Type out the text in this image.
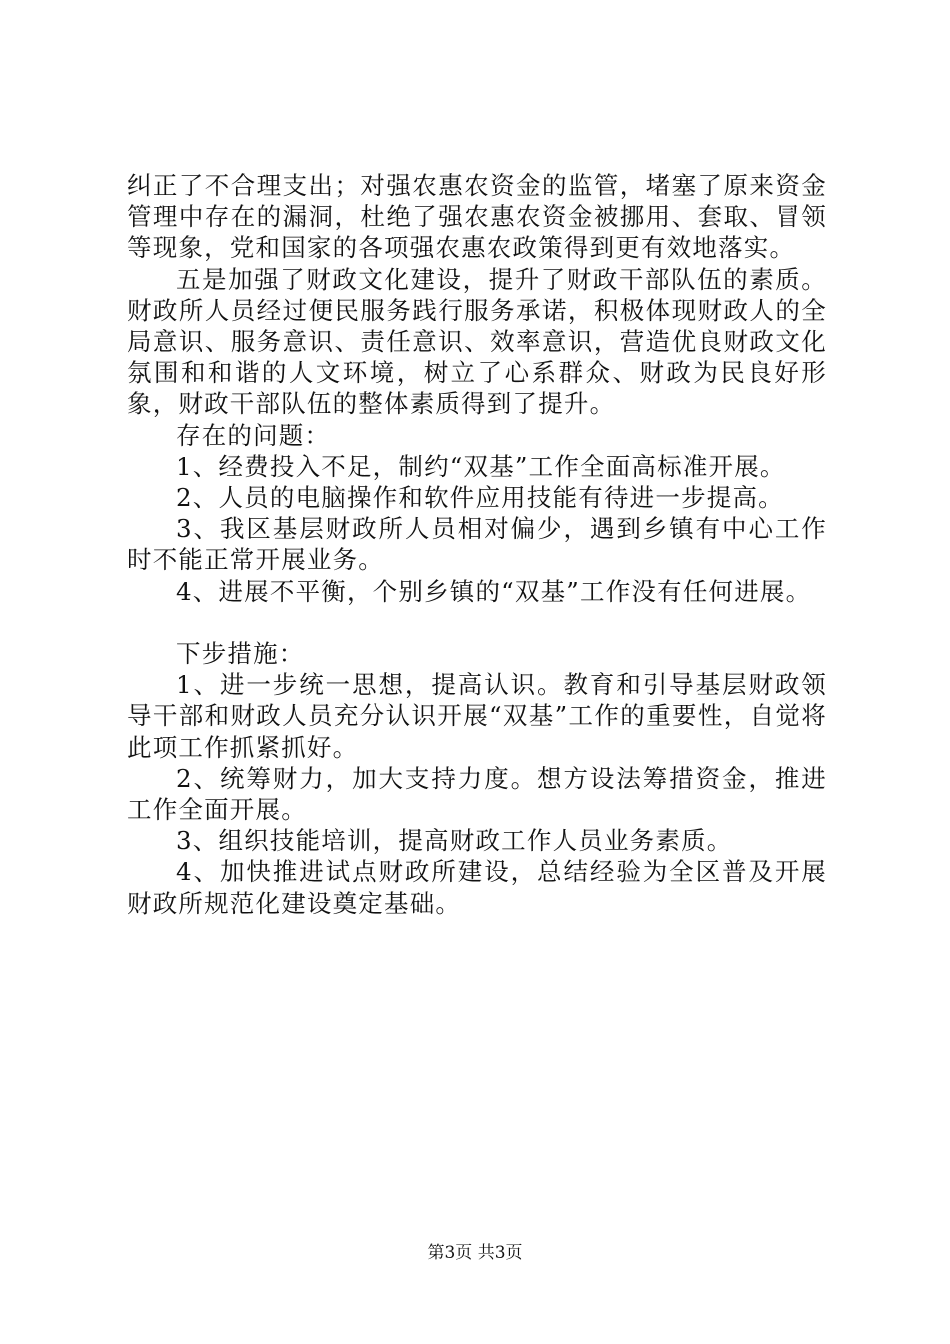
纠正了不合理支出；对强农惠农资金的监管，堵塞了原来资金管理中存在的漏洞，杜绝了强农惠农资金被挪用、套取、冒领等现象，党和国家的各项强农惠农政策得到更有效地落实。

五是加强了财政文化建设，提升了财政干部队伍的素质。财政所人员经过便民服务践行服务承诺，积极体现财政人的全局意识、服务意识、责任意识、效率意识，营造优良财政文化氛围和和谐的人文环境，树立了心系群众、财政为民良好形象，财政干部队伍的整体素质得到了提升。

存在的问题：

1、经费投入不足，制约“双基”工作全面高标准开展。

2、人员的电脑操作和软件应用技能有待进一步提高。

3、我区基层财政所人员相对偏少，遇到乡镇有中心工作时不能正常开展业务。

4、进展不平衡，个别乡镇的“双基”工作没有任何进展。

下步措施：

1、进一步统一思想，提高认识。教育和引导基层财政领导干部和财政人员充分认识开展“双基”工作的重要性，自觉将此项工作抓紧抓好。

2、统筹财力，加大支持力度。想方设法筹措资金，推进工作全面开展。

3、组织技能培训，提高财政工作人员业务素质。

4、加快推进试点财政所建设，总结经验为全区普及开展财政所规范化建设奠定基础。

第3页 共3页
